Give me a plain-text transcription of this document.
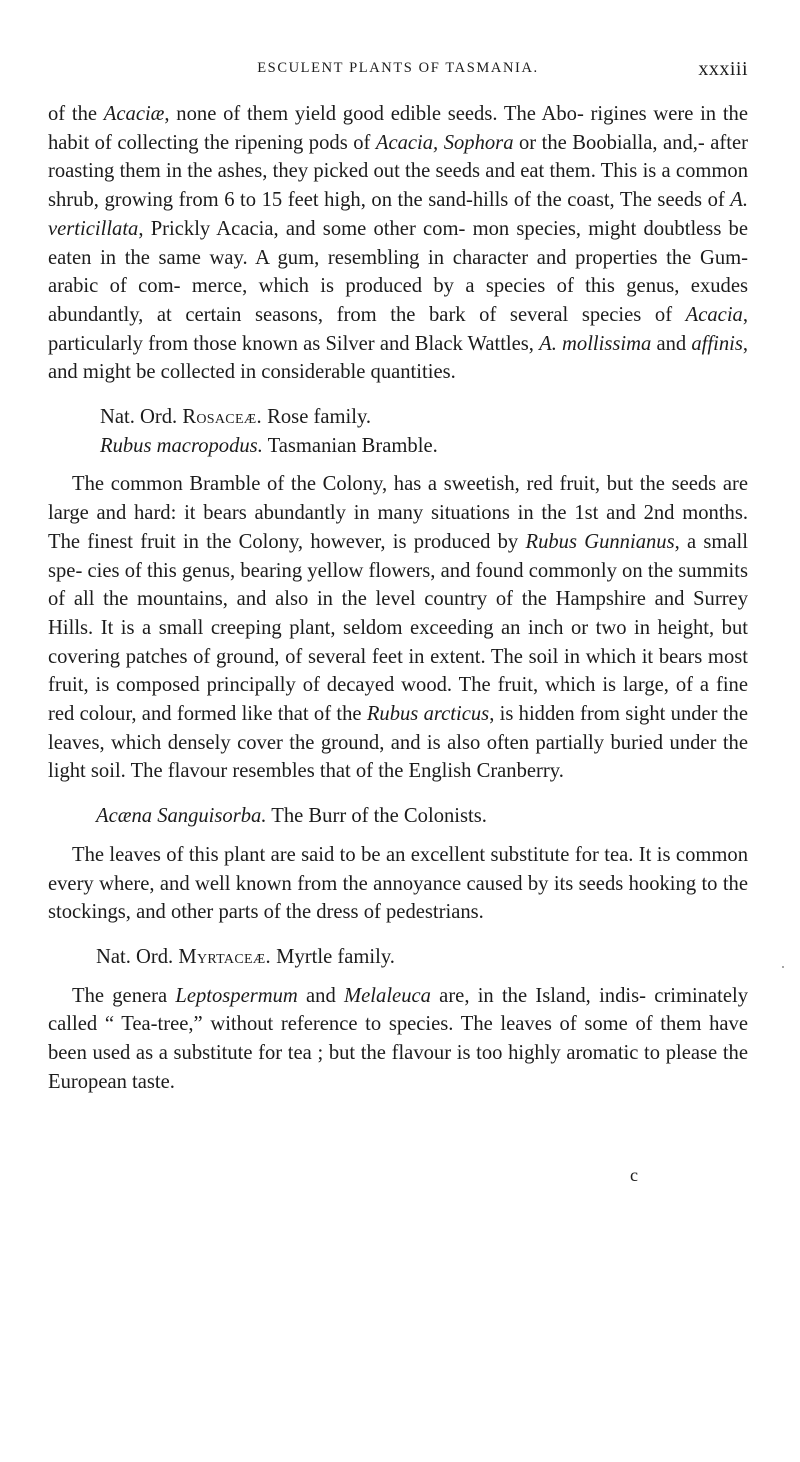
ESCULENT PLANTS OF TASMANIA.	xxxiii

of the Acaciæ, none of them yield good edible seeds. The Abo- rigines were in the habit of collecting the ripening pods of Acacia, Sophora or the Boobialla, and,- after roasting them in the ashes, they picked out the seeds and eat them. This is a common shrub, growing from 6 to 15 feet high, on the sand-hills of the coast, The seeds of A. verticillata, Prickly Acacia, and some other com- mon species, might doubtless be eaten in the same way. A gum, resembling in character and properties the Gum-arabic of com- merce, which is produced by a species of this genus, exudes abundantly, at certain seasons, from the bark of several species of Acacia, particularly from those known as Silver and Black Wattles, A. mollissima and affinis, and might be collected in considerable quantities.

Nat. Ord. Rosaceæ. Rose family.
Rubus macropodus. Tasmanian Bramble.

The common Bramble of the Colony, has a sweetish, red fruit, but the seeds are large and hard: it bears abundantly in many situations in the 1st and 2nd months. The finest fruit in the Colony, however, is produced by Rubus Gunnianus, a small spe- cies of this genus, bearing yellow flowers, and found commonly on the summits of all the mountains, and also in the level country of the Hampshire and Surrey Hills. It is a small creeping plant, seldom exceeding an inch or two in height, but covering patches of ground, of several feet in extent. The soil in which it bears most fruit, is composed principally of decayed wood. The fruit, which is large, of a fine red colour, and formed like that of the Rubus arcticus, is hidden from sight under the leaves, which densely cover the ground, and is also often partially buried under the light soil. The flavour resembles that of the English Cranberry.

Acæna Sanguisorba. The Burr of the Colonists.

The leaves of this plant are said to be an excellent substitute for tea. It is common every where, and well known from the annoyance caused by its seeds hooking to the stockings, and other parts of the dress of pedestrians.

Nat. Ord. Myrtaceæ. Myrtle family.

The genera Leptospermum and Melaleuca are, in the Island, indis- criminately called “ Tea-tree,” without reference to species. The leaves of some of them have been used as a substitute for tea ; but the flavour is too highly aromatic to please the European taste.

c
